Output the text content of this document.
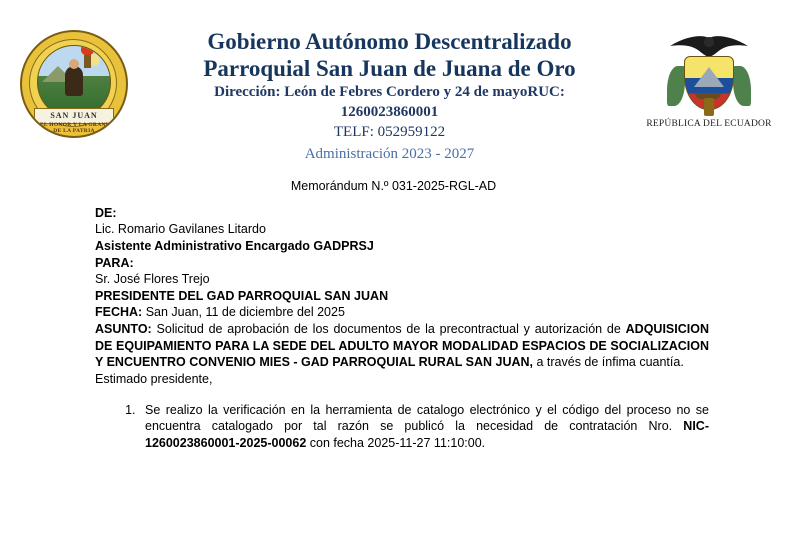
SAN JUAN
POR EL HONOR Y LA GRANDEZA DE LA PATRIA
Gobierno Autónomo Descentralizado
Parroquial San Juan de Juana de Oro
Dirección: León de Febres Cordero y 24 de mayoRUC:
1260023860001
TELF: 052959122
Administración 2023 - 2027
REPÚBLICA DEL ECUADOR
Memorándum N.º 031-2025-RGL-AD

DE:

Lic. Romario Gavilanes Litardo

Asistente Administrativo Encargado GADPRSJ

PARA:

Sr. José Flores Trejo

PRESIDENTE DEL GAD PARROQUIAL SAN JUAN

FECHA: San Juan, 11 de diciembre del 2025

ASUNTO: Solicitud de aprobación de los documentos de la precontractual y autorización de ADQUISICION DE EQUIPAMIENTO PARA LA SEDE DEL ADULTO MAYOR MODALIDAD ESPACIOS DE SOCIALIZACION Y ENCUENTRO CONVENIO MIES - GAD PARROQUIAL RURAL SAN JUAN, a través de ínfima cuantía.

Estimado presidente,

1. Se realizo la verificación en la herramienta de catalogo electrónico y el código del proceso no se encuentra catalogado por tal razón se publicó la necesidad de contratación Nro. NIC-1260023860001-2025-00062 con fecha 2025-11-27 11:10:00.
